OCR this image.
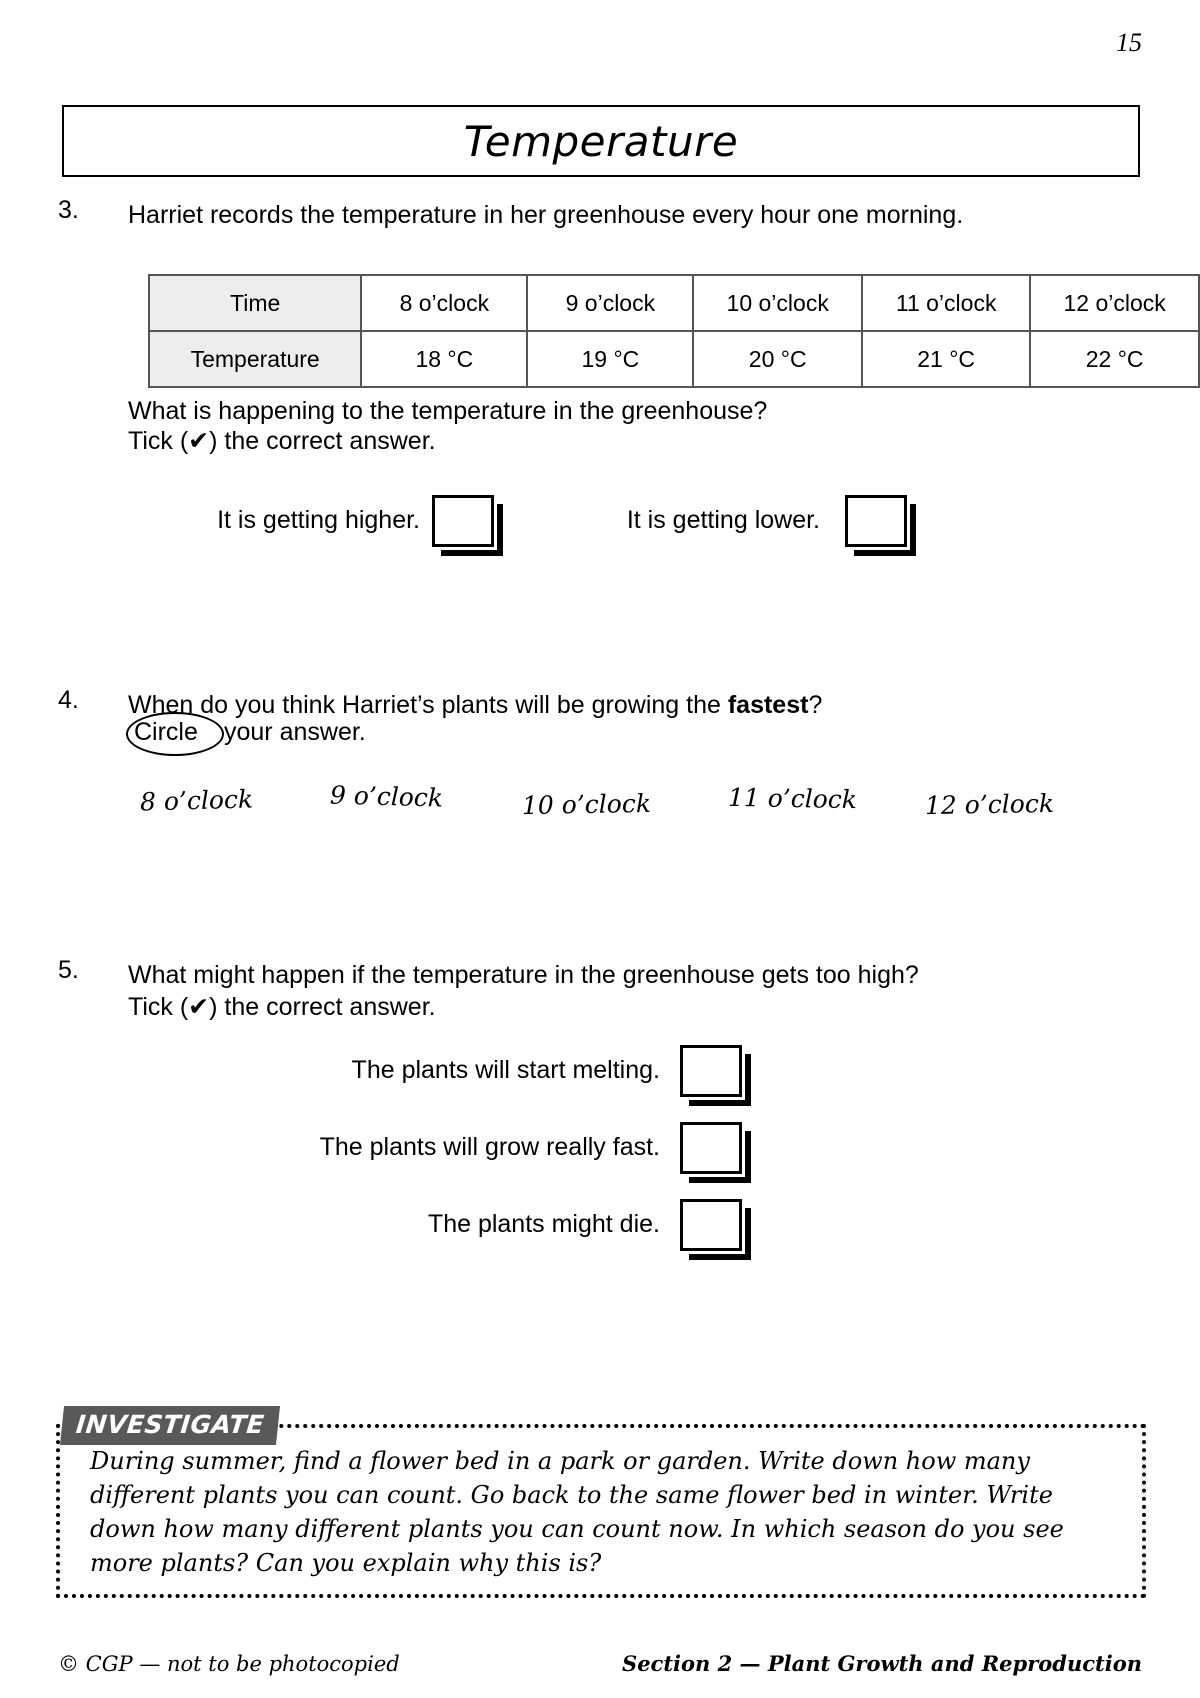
15
Temperature
3. Harriet records the temperature in her greenhouse every hour one morning.
Time	8 o’clock	9 o’clock	10 o’clock	11 o’clock	12 o’clock
Temperature	18 °C	19 °C	20 °C	21 °C	22 °C
What is happening to the temperature in the greenhouse?
Tick (✔) the correct answer.
It is getting higher.	It is getting lower.
4. When do you think Harriet’s plants will be growing the fastest?
Circle your answer.
8 o’clock	9 o’clock	10 o’clock	11 o’clock	12 o’clock
5. What might happen if the temperature in the greenhouse gets too high?
Tick (✔) the correct answer.
The plants will start melting.
The plants will grow really fast.
The plants might die.
INVESTIGATE
During summer, find a flower bed in a park or garden. Write down how many different plants you can count. Go back to the same flower bed in winter. Write down how many different plants you can count now. In which season do you see more plants? Can you explain why this is?
© CGP — not to be photocopied	Section 2 — Plant Growth and Reproduction
